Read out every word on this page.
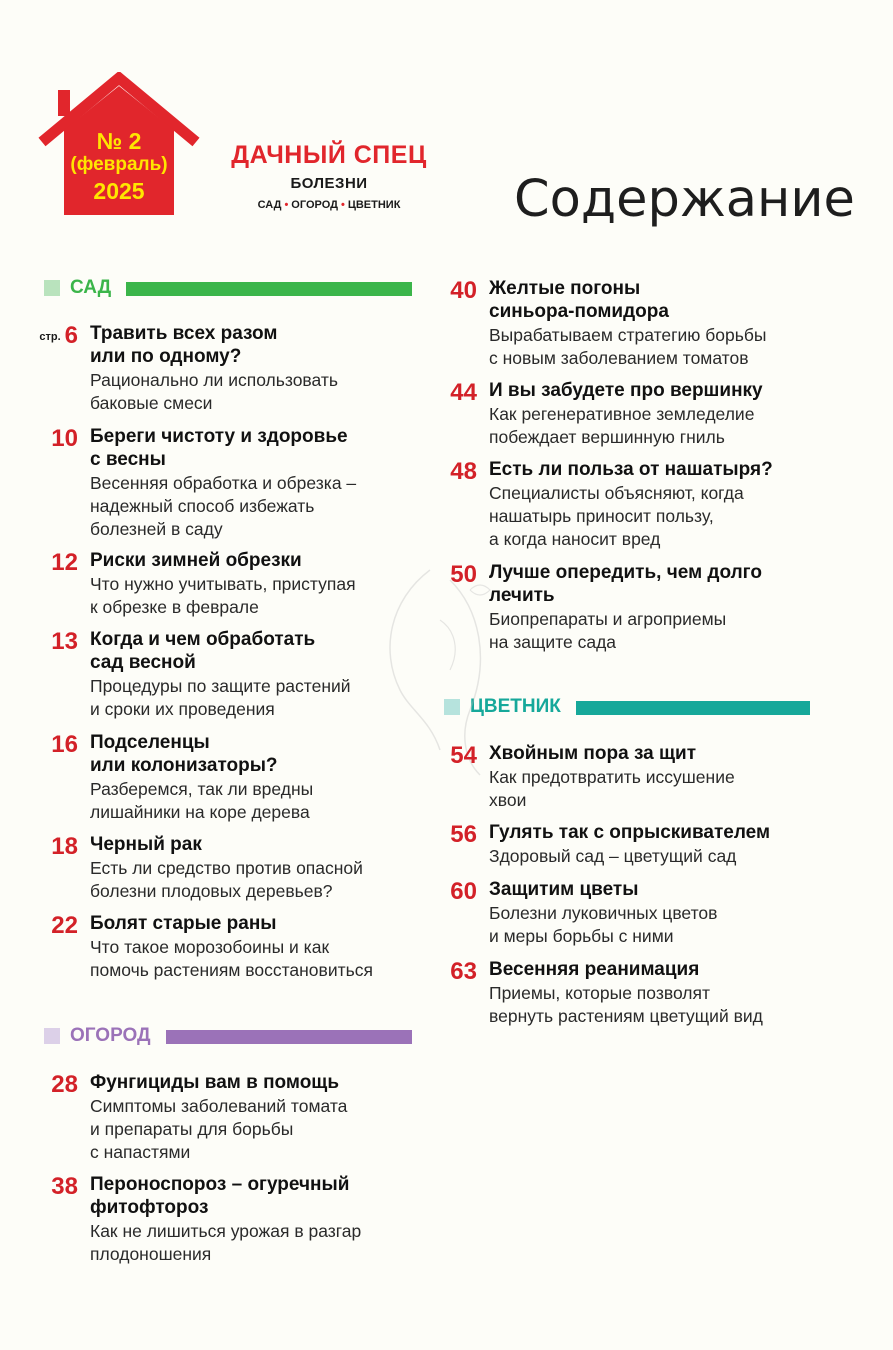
№ 2
(февраль)
2025
ДАЧНЫЙ СПЕЦ
БОЛЕЗНИ
САД • ОГОРОД • ЦВЕТНИК	Содержание
САД
ОГОРОД
ЦВЕТНИК
стр. 6 Травить всех разом
или по одному?
Рационально ли использовать
баковые смеси
10 Береги чистоту и здоровье
с весны
Весенняя обработка и обрезка –
надежный способ избежать
болезней в саду
12 Риски зимней обрезки
Что нужно учитывать, приступая
к обрезке в феврале
13 Когда и чем обработать
сад весной
Процедуры по защите растений
и сроки их проведения
16 Подселенцы
или колонизаторы?
Разберемся, так ли вредны
лишайники на коре дерева
18 Черный рак
Есть ли средство против опасной
болезни плодовых деревьев?
22 Болят старые раны
Что такое морозобоины и как
помочь растениям восстановиться
28 Фунгициды вам в помощь
Симптомы заболеваний томата
и препараты для борьбы
с напастями
38 Пероноспороз – огуречный
фитофтороз
Как не лишиться урожая в разгар
плодоношения
40 Желтые погоны
синьора-помидора
Вырабатываем стратегию борьбы
с новым заболеванием томатов
44 И вы забудете про вершинку
Как регенеративное земледелие
побеждает вершинную гниль
48 Есть ли польза от нашатыря?
Специалисты объясняют, когда
нашатырь приносит пользу,
а когда наносит вред
50 Лучше опередить, чем долго
лечить
Биопрепараты и агроприемы
на защите сада
54 Хвойным пора за щит
Как предотвратить иссушение
хвои
56 Гулять так с опрыскивателем
Здоровый сад – цветущий сад
60 Защитим цветы
Болезни луковичных цветов
и меры борьбы с ними
63 Весенняя реанимация
Приемы, которые позволят
вернуть растениям цветущий вид
